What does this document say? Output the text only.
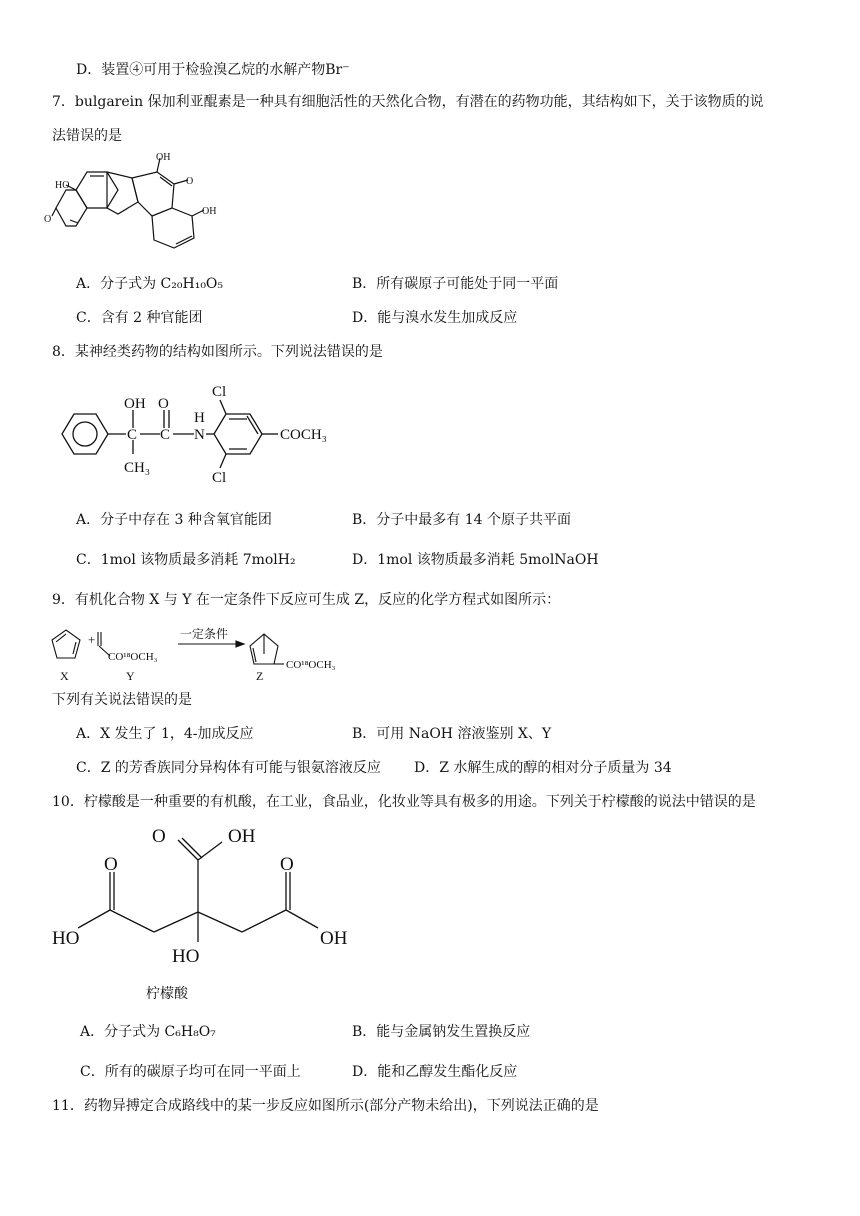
D．装置④可用于检验溴乙烷的水解产物Br⁻
7．bulgarein 保加利亚醌素是一种具有细胞活性的天然化合物，有潜在的药物功能，其结构如下，关于该物质的说
法错误的是
OH
HO
O
O
OH
A．分子式为 C₂₀H₁₀O₅	B．所有碳原子可能处于同一平面
C．含有 2 种官能团	D．能与溴水发生加成反应
8．某神经类药物的结构如图所示。下列说法错误的是
OH O
H
C C N
CH₃
Cl
Cl
COCH₃
A．分子中存在 3 种含氧官能团	B．分子中最多有 14 个原子共平面
C．1mol 该物质最多消耗 7molH₂	D．1mol 该物质最多消耗 5molNaOH
9．有机化合物 X 与 Y 在一定条件下反应可生成 Z，反应的化学方程式如图所示：
+	一定条件
CO¹⁸OCH₃
CO¹⁸OCH₃
X	Y	Z
下列有关说法错误的是
A．X 发生了 1，4-加成反应	B．可用 NaOH 溶液鉴别 X、Y
C．Z 的芳香族同分异构体有可能与银氨溶液反应 D．Z 水解生成的醇的相对分子质量为 34
10．柠檬酸是一种重要的有机酸，在工业，食品业，化妆业等具有极多的用途。下列关于柠檬酸的说法中错误的是
O	OH
O	O
HO	OH
HO
柠檬酸
A．分子式为 C₆H₈O₇	B．能与金属钠发生置换反应
C．所有的碳原子均可在同一平面上	D．能和乙醇发生酯化反应
11．药物异搏定合成路线中的某一步反应如图所示(部分产物未给出)，下列说法正确的是
